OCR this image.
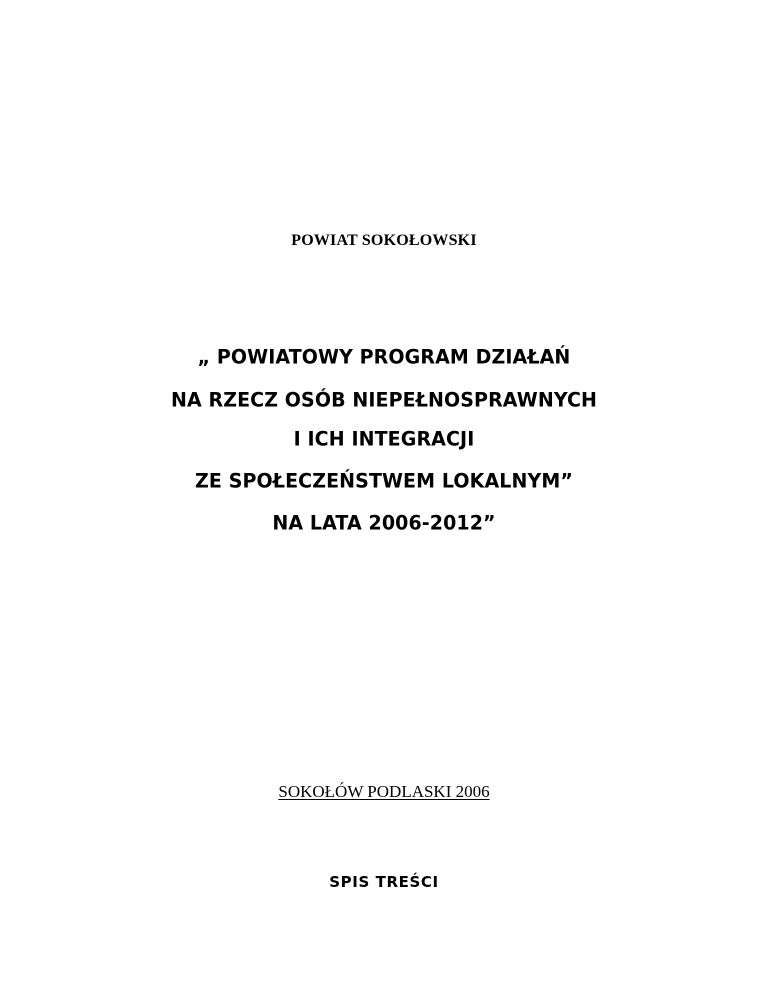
POWIAT SOKOŁOWSKI

„ POWIATOWY PROGRAM DZIAŁAŃ

NA RZECZ OSÓB NIEPEŁNOSPRAWNYCH

I ICH INTEGRACJI

ZE SPOŁECZEŃSTWEM LOKALNYM”

NA LATA 2006-2012”

SOKOŁÓW PODLASKI 2006

SPIS TREŚCI
